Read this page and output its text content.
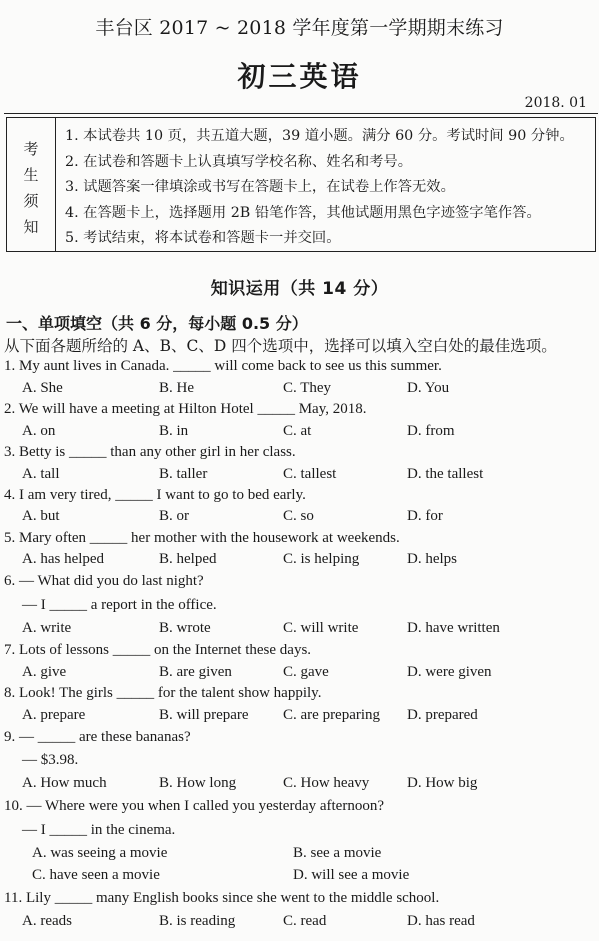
丰台区 2017 ~ 2018 学年度第一学期期末练习
初三英语
2018. 01
考
生
须
知
1. 本试卷共 10 页，共五道大题，39 道小题。满分 60 分。考试时间 90 分钟。
2. 在试卷和答题卡上认真填写学校名称、姓名和考号。
3. 试题答案一律填涂或书写在答题卡上，在试卷上作答无效。
4. 在答题卡上，选择题用 2B 铅笔作答，其他试题用黑色字迹签字笔作答。
5. 考试结束，将本试卷和答题卡一并交回。
知识运用（共 14 分）
一、单项填空（共 6 分，每小题 0.5 分）
从下面各题所给的 A、B、C、D 四个选项中，选择可以填入空白处的最佳选项。
1. My aunt lives in Canada. _____ will come back to see us this summer.
A. She	B. He	C. They	D. You
2. We will have a meeting at Hilton Hotel _____ May, 2018.
A. on	B. in	C. at	D. from
3. Betty is _____ than any other girl in her class.
A. tall	B. taller	C. tallest	D. the tallest
4. I am very tired, _____ I want to go to bed early.
A. but	B. or	C. so	D. for
5. Mary often _____ her mother with the housework at weekends.
A. has helped	B. helped	C. is helping	D. helps
6. — What did you do last night?
— I _____ a report in the office.
A. write	B. wrote	C. will write	D. have written
7. Lots of lessons _____ on the Internet these days.
A. give	B. are given	C. gave	D. were given
8. Look! The girls _____ for the talent show happily.
A. prepare	B. will prepare C. are preparing D. prepared
9. — _____ are these bananas?
— $3.98.
A. How much	B. How long	C. How heavy	D. How big
10. — Where were you when I called you yesterday afternoon?
— I _____ in the cinema.
A. was seeing a movie	B. see a movie
C. have seen a movie	D. will see a movie
11. Lily _____ many English books since she went to the middle school.
A. reads	B. is reading	C. read	D. has read
